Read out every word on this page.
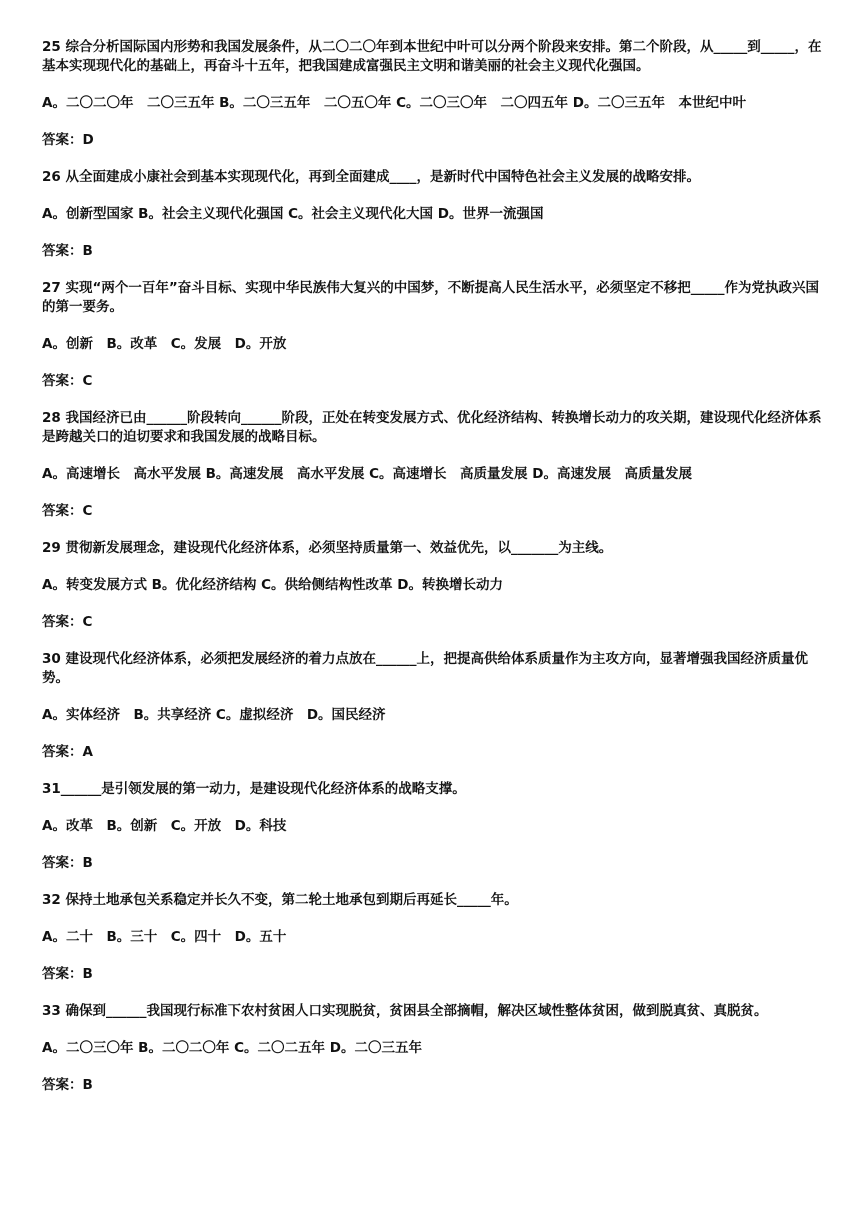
25 综合分析国际国内形势和我国发展条件，从二〇二〇年到本世纪中叶可以分两个阶段来安排。第二个阶段，从_____到_____，在基本实现现代化的基础上，再奋斗十五年，把我国建成富强民主文明和谐美丽的社会主义现代化强国。

A。二〇二〇年　二〇三五年 B。二〇三五年　二〇五〇年 C。二〇三〇年　二〇四五年 D。二〇三五年　本世纪中叶

答案：D

26 从全面建成小康社会到基本实现现代化，再到全面建成____，是新时代中国特色社会主义发展的战略安排。

A。创新型国家 B。社会主义现代化强国 C。社会主义现代化大国 D。世界一流强国

答案：B

27 实现“两个一百年”奋斗目标、实现中华民族伟大复兴的中国梦，不断提高人民生活水平，必须坚定不移把_____作为党执政兴国的第一要务。

A。创新　B。改革　C。发展　D。开放

答案：C

28 我国经济已由______阶段转向______阶段，正处在转变发展方式、优化经济结构、转换增长动力的攻关期，建设现代化经济体系是跨越关口的迫切要求和我国发展的战略目标。

A。高速增长　高水平发展 B。高速发展　高水平发展 C。高速增长　高质量发展 D。高速发展　高质量发展

答案：C

29 贯彻新发展理念，建设现代化经济体系，必须坚持质量第一、效益优先，以_______为主线。

A。转变发展方式 B。优化经济结构 C。供给侧结构性改革 D。转换增长动力

答案：C

30 建设现代化经济体系，必须把发展经济的着力点放在______上，把提高供给体系质量作为主攻方向，显著增强我国经济质量优势。

A。实体经济　B。共享经济 C。虚拟经济　D。国民经济

答案：A

31______是引领发展的第一动力，是建设现代化经济体系的战略支撑。

A。改革　B。创新　C。开放　D。科技

答案：B

32 保持土地承包关系稳定并长久不变，第二轮土地承包到期后再延长_____年。

A。二十　B。三十　C。四十　D。五十

答案：B

33 确保到______我国现行标准下农村贫困人口实现脱贫，贫困县全部摘帽，解决区域性整体贫困，做到脱真贫、真脱贫。

A。二〇三〇年 B。二〇二〇年 C。二〇二五年 D。二〇三五年

答案：B
